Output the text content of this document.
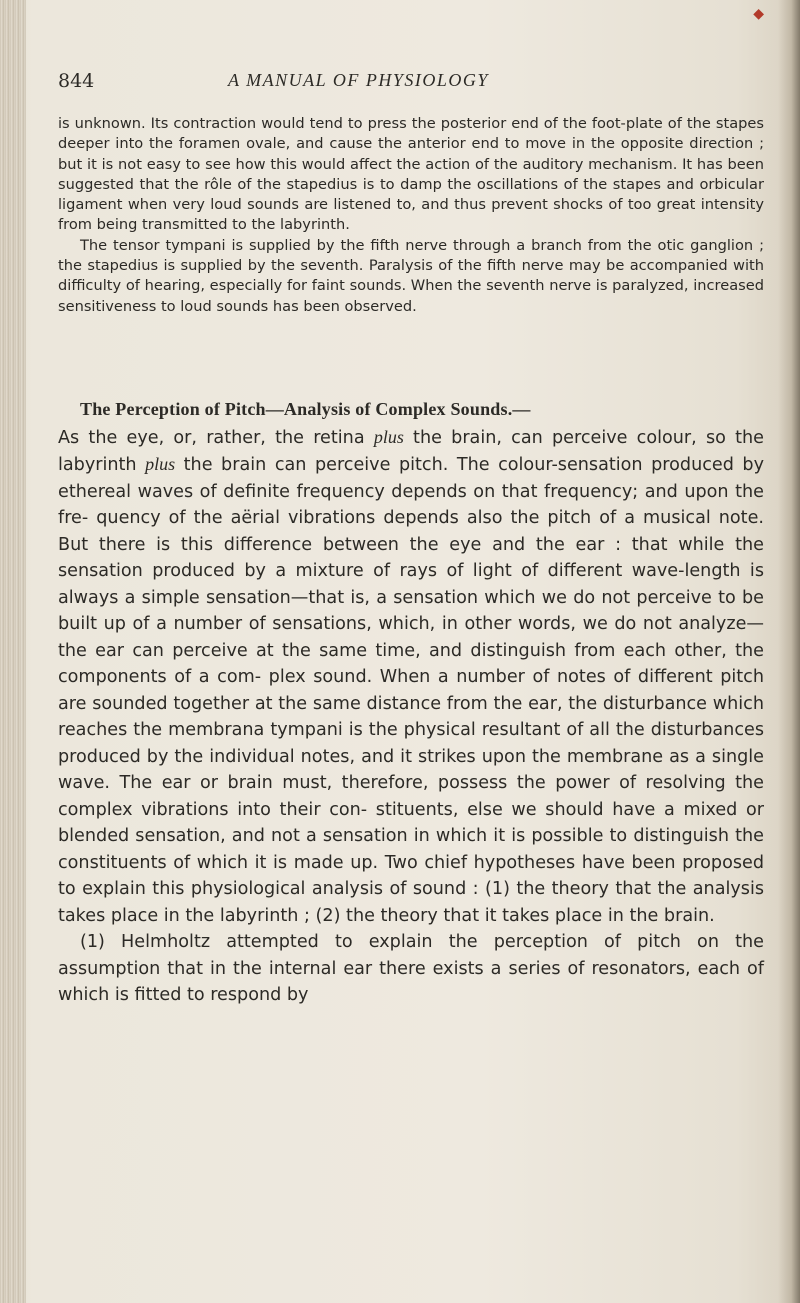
◆
844	A MANUAL OF PHYSIOLOGY

is unknown. Its contraction would tend to press the posterior end of the foot-plate of the stapes deeper into the foramen ovale, and cause the anterior end to move in the opposite direction ; but it is not easy to see how this would affect the action of the auditory mechanism. It has been suggested that the rôle of the stapedius is to damp the oscillations of the stapes and orbicular ligament when very loud sounds are listened to, and thus prevent shocks of too great intensity from being transmitted to the labyrinth.

The tensor tympani is supplied by the fifth nerve through a branch from the otic ganglion ; the stapedius is supplied by the seventh. Paralysis of the fifth nerve may be accompanied with difficulty of hearing, especially for faint sounds. When the seventh nerve is paralyzed, increased sensitiveness to loud sounds has been observed.

The Perception of Pitch—Analysis of Complex Sounds.—
As the eye, or, rather, the retina plus the brain, can perceive colour, so the labyrinth plus the brain can perceive pitch. The colour-sensation produced by ethereal waves of definite frequency depends on that frequency; and upon the fre- quency of the aërial vibrations depends also the pitch of a musical note. But there is this difference between the eye and the ear : that while the sensation produced by a mixture of rays of light of different wave-length is always a simple sensation—that is, a sensation which we do not perceive to be built up of a number of sensations, which, in other words, we do not analyze—the ear can perceive at the same time, and distinguish from each other, the components of a com- plex sound. When a number of notes of different pitch are sounded together at the same distance from the ear, the disturbance which reaches the membrana tympani is the physical resultant of all the disturbances produced by the individual notes, and it strikes upon the membrane as a single wave. The ear or brain must, therefore, possess the power of resolving the complex vibrations into their con- stituents, else we should have a mixed or blended sensation, and not a sensation in which it is possible to distinguish the constituents of which it is made up. Two chief hypotheses have been proposed to explain this physiological analysis of sound : (1) the theory that the analysis takes place in the labyrinth ; (2) the theory that it takes place in the brain.

(1) Helmholtz attempted to explain the perception of pitch on the assumption that in the internal ear there exists a series of resonators, each of which is fitted to respond by
